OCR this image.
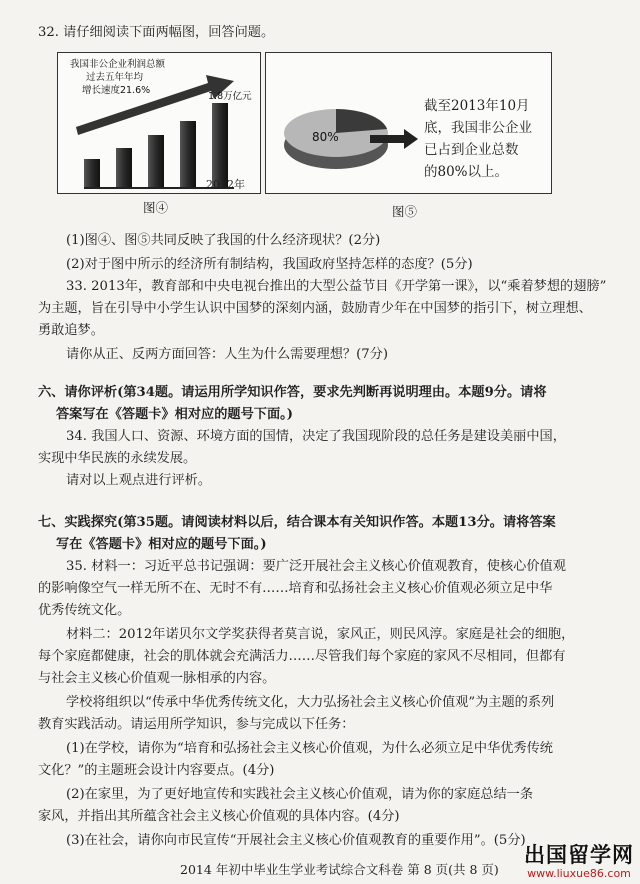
32. 请仔细阅读下面两幅图，回答问题。
我国非公企业利润总额
过去五年年均
增长速度21.6%
1.8万亿元
2012年
图④
80%
截至2013年10月
底，我国非公企业
已占到企业总数
的80%以上。
图⑤
(1)图④、图⑤共同反映了我国的什么经济现状？(2分)
(2)对于图中所示的经济所有制结构，我国政府坚持怎样的态度？(5分)
33. 2013年，教育部和中央电视台推出的大型公益节目《开学第一课》，以“乘着梦想的翅膀”
为主题，旨在引导中小学生认识中国梦的深刻内涵，鼓励青少年在中国梦的指引下，树立理想、
勇敢追梦。
请你从正、反两方面回答：人生为什么需要理想？(7分)
六、请你评析(第34题。请运用所学知识作答，要求先判断再说明理由。本题9分。请将
答案写在《答题卡》相对应的题号下面。)
34. 我国人口、资源、环境方面的国情，决定了我国现阶段的总任务是建设美丽中国，
实现中华民族的永续发展。
请对以上观点进行评析。
七、实践探究(第35题。请阅读材料以后，结合课本有关知识作答。本题13分。请将答案
写在《答题卡》相对应的题号下面。)
35. 材料一：习近平总书记强调：要广泛开展社会主义核心价值观教育，使核心价值观
的影响像空气一样无所不在、无时不有……培育和弘扬社会主义核心价值观必须立足中华
优秀传统文化。
材料二：2012年诺贝尔文学奖获得者莫言说，家风正，则民风淳。家庭是社会的细胞，
每个家庭都健康，社会的肌体就会充满活力……尽管我们每个家庭的家风不尽相同，但都有
与社会主义核心价值观一脉相承的内容。
学校将组织以“传承中华优秀传统文化，大力弘扬社会主义核心价值观”为主题的系列
教育实践活动。请运用所学知识，参与完成以下任务：
(1)在学校，请你为“培育和弘扬社会主义核心价值观，为什么必须立足中华优秀传统
文化？”的主题班会设计内容要点。(4分)
(2)在家里，为了更好地宣传和实践社会主义核心价值观，请为你的家庭总结一条
家风，并指出其所蕴含社会主义核心价值观的具体内容。(4分)
(3)在社会，请你向市民宣传“开展社会主义核心价值观教育的重要作用”。(5分)
2014 年初中毕业生学业考试综合文科卷 第 8 页(共 8 页)
出国留学网
www.liuxue86.com
